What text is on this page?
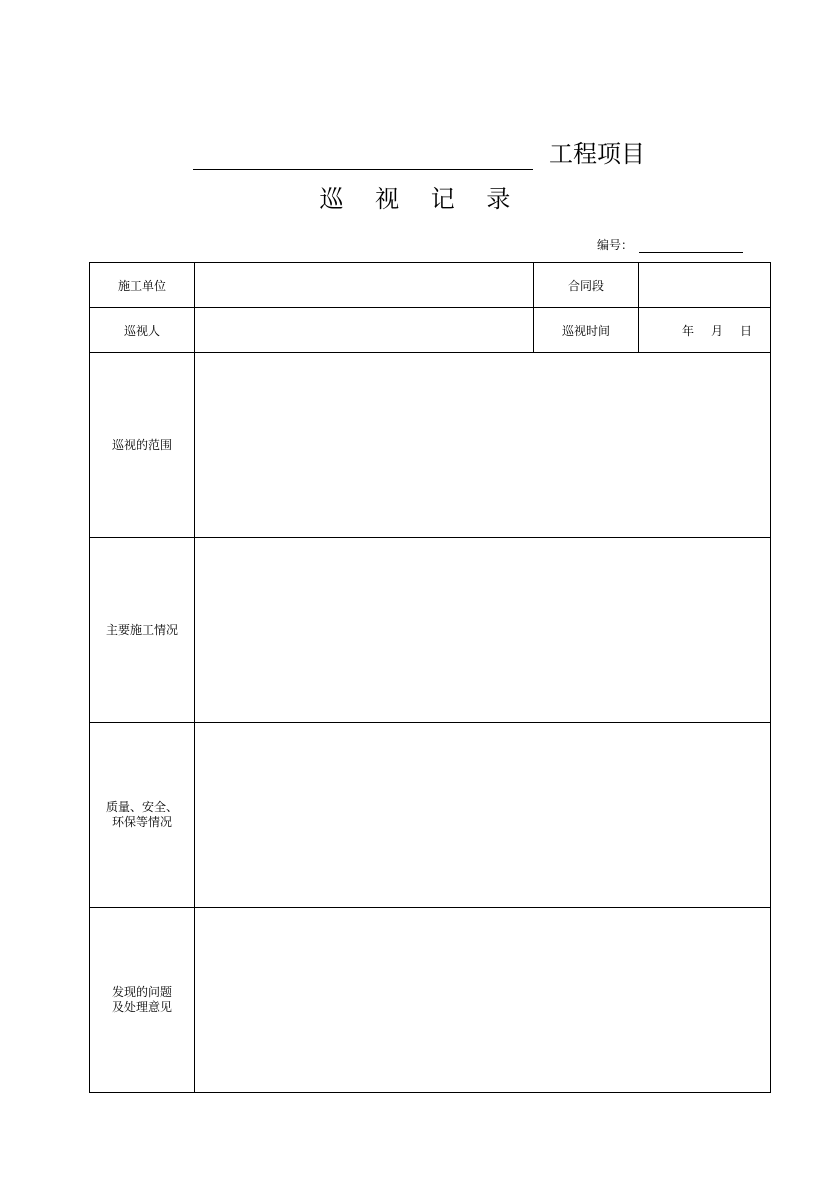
工程项目
巡 视 记 录
编号：
施工单位		合同段	
巡视人		巡视时间	年 月 日

巡视的范围			
主要施工情况			

质量、安全、
环保等情况			

发现的问题
及处理意见			
